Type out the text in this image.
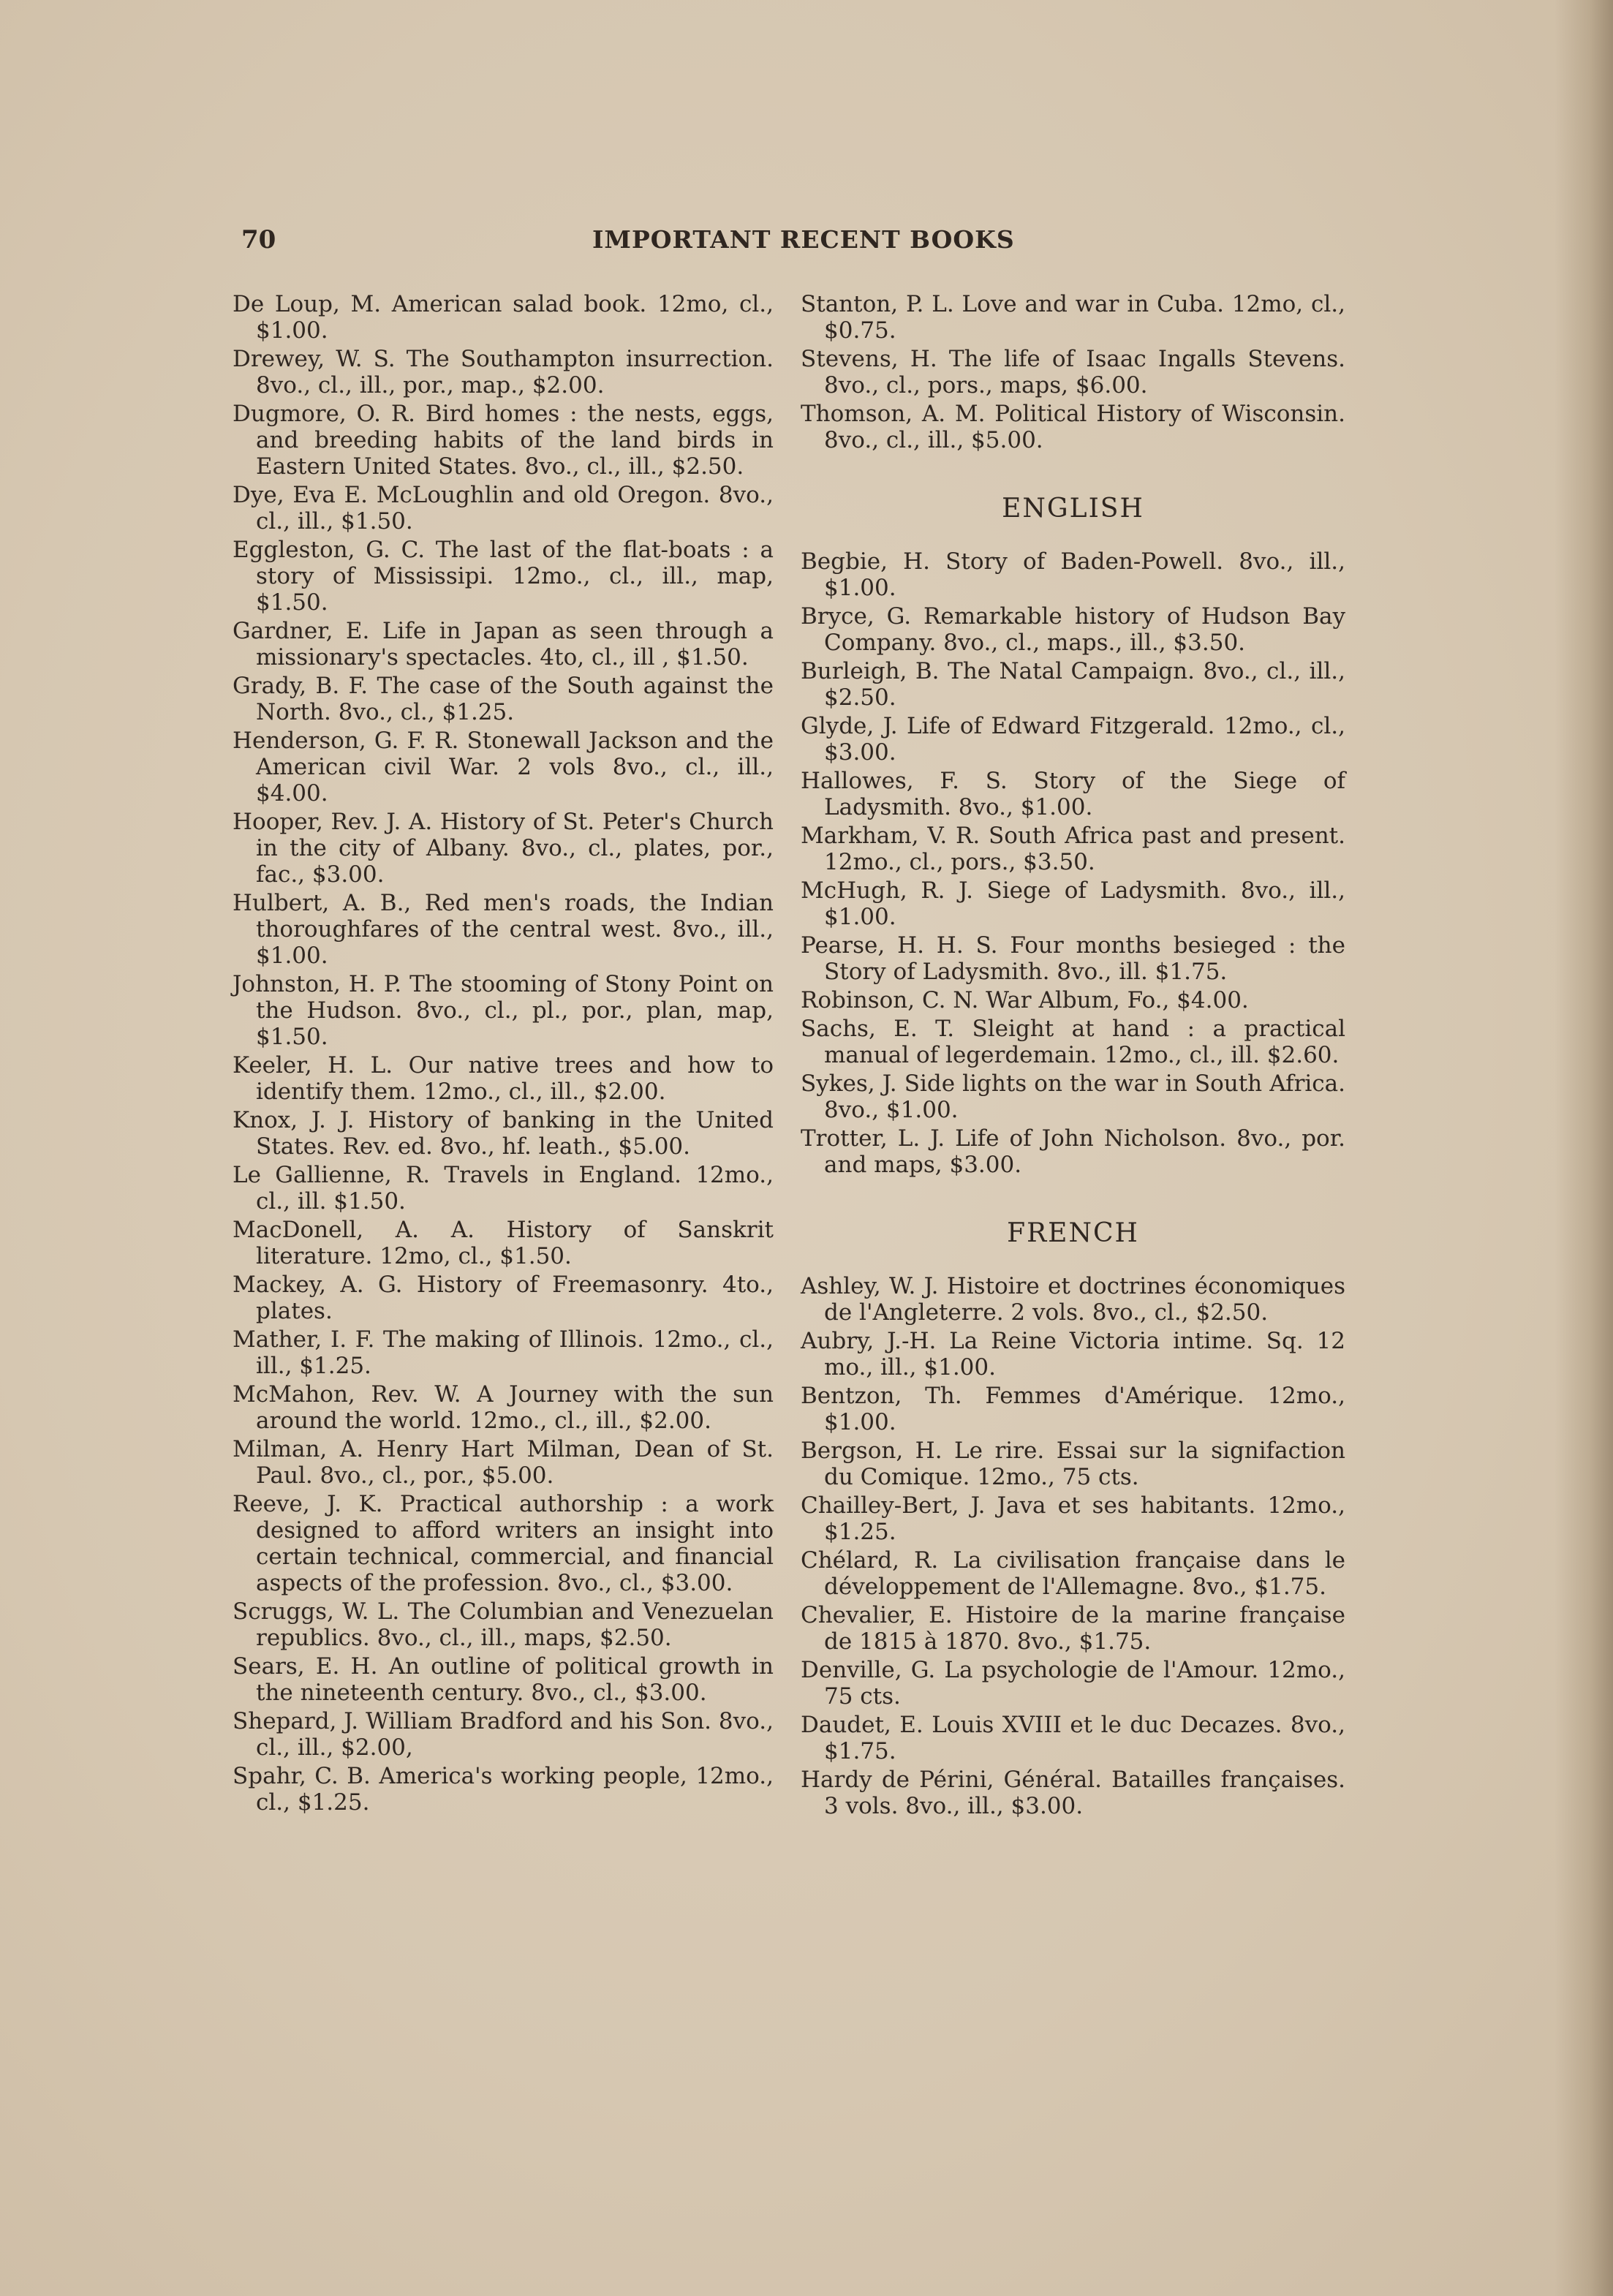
70	IMPORTANT RECENT BOOKS

De Loup, M. American salad book. 12mo, cl., $1.00.

Drewey, W. S. The Southampton insurrection. 8vo., cl., ill., por., map., $2.00.

Dugmore, O. R. Bird homes : the nests, eggs, and breeding habits of the land birds in Eastern United States. 8vo., cl., ill., $2.50.

Dye, Eva E. McLoughlin and old Oregon. 8vo., cl., ill., $1.50.

Eggleston, G. C. The last of the flat-boats : a story of Mississipi. 12mo., cl., ill., map, $1.50.

Gardner, E. Life in Japan as seen through a missionary's spectacles. 4to, cl., ill , $1.50.

Grady, B. F. The case of the South against the North. 8vo., cl., $1.25.

Henderson, G. F. R. Stonewall Jackson and the American civil War. 2 vols 8vo., cl., ill., $4.00.

Hooper, Rev. J. A. History of St. Peter's Church in the city of Albany. 8vo., cl., plates, por., fac., $3.00.

Hulbert, A. B., Red men's roads, the Indian thoroughfares of the central west. 8vo., ill., $1.00.

Johnston, H. P. The stooming of Stony Point on the Hudson. 8vo., cl., pl., por., plan, map, $1.50.

Keeler, H. L. Our native trees and how to identify them. 12mo., cl., ill., $2.00.

Knox, J. J. History of banking in the United States. Rev. ed. 8vo., hf. leath., $5.00.

Le Gallienne, R. Travels in England. 12mo., cl., ill. $1.50.

MacDonell, A. A. History of Sanskrit literature. 12mo, cl., $1.50.

Mackey, A. G. History of Freemasonry. 4to., plates.

Mather, I. F. The making of Illinois. 12mo., cl., ill., $1.25.

McMahon, Rev. W. A Journey with the sun around the world. 12mo., cl., ill., $2.00.

Milman, A. Henry Hart Milman, Dean of St. Paul. 8vo., cl., por., $5.00.

Reeve, J. K. Practical authorship : a work designed to afford writers an insight into certain technical, commercial, and financial aspects of the profession. 8vo., cl., $3.00.

Scruggs, W. L. The Columbian and Venezuelan republics. 8vo., cl., ill., maps, $2.50.

Sears, E. H. An outline of political growth in the nineteenth century. 8vo., cl., $3.00.

Shepard, J. William Bradford and his Son. 8vo., cl., ill., $2.00,

Spahr, C. B. America's working people, 12mo., cl., $1.25.

Stanton, P. L. Love and war in Cuba. 12mo, cl., $0.75.

Stevens, H. The life of Isaac Ingalls Stevens. 8vo., cl., pors., maps, $6.00.

Thomson, A. M. Political History of Wisconsin. 8vo., cl., ill., $5.00.

ENGLISH

Begbie, H. Story of Baden-Powell. 8vo., ill., $1.00.

Bryce, G. Remarkable history of Hudson Bay Company. 8vo., cl., maps., ill., $3.50.

Burleigh, B. The Natal Campaign. 8vo., cl., ill., $2.50.

Glyde, J. Life of Edward Fitzgerald. 12mo., cl., $3.00.

Hallowes, F. S. Story of the Siege of Ladysmith. 8vo., $1.00.

Markham, V. R. South Africa past and present. 12mo., cl., pors., $3.50.

McHugh, R. J. Siege of Ladysmith. 8vo., ill., $1.00.

Pearse, H. H. S. Four months besieged : the Story of Ladysmith. 8vo., ill. $1.75.

Robinson, C. N. War Album, Fo., $4.00.

Sachs, E. T. Sleight at hand : a practical manual of legerdemain. 12mo., cl., ill. $2.60.

Sykes, J. Side lights on the war in South Africa. 8vo., $1.00.

Trotter, L. J. Life of John Nicholson. 8vo., por. and maps, $3.00.

FRENCH

Ashley, W. J. Histoire et doctrines économiques de l'Angleterre. 2 vols. 8vo., cl., $2.50.

Aubry, J.-H. La Reine Victoria intime. Sq. 12 mo., ill., $1.00.

Bentzon, Th. Femmes d'Amérique. 12mo., $1.00.

Bergson, H. Le rire. Essai sur la signifaction du Comique. 12mo., 75 cts.

Chailley-Bert, J. Java et ses habitants. 12mo., $1.25.

Chélard, R. La civilisation française dans le développement de l'Allemagne. 8vo., $1.75.

Chevalier, E. Histoire de la marine française de 1815 à 1870. 8vo., $1.75.

Denville, G. La psychologie de l'Amour. 12mo., 75 cts.

Daudet, E. Louis XVIII et le duc Decazes. 8vo., $1.75.

Hardy de Périni, Général. Batailles françaises. 3 vols. 8vo., ill., $3.00.
